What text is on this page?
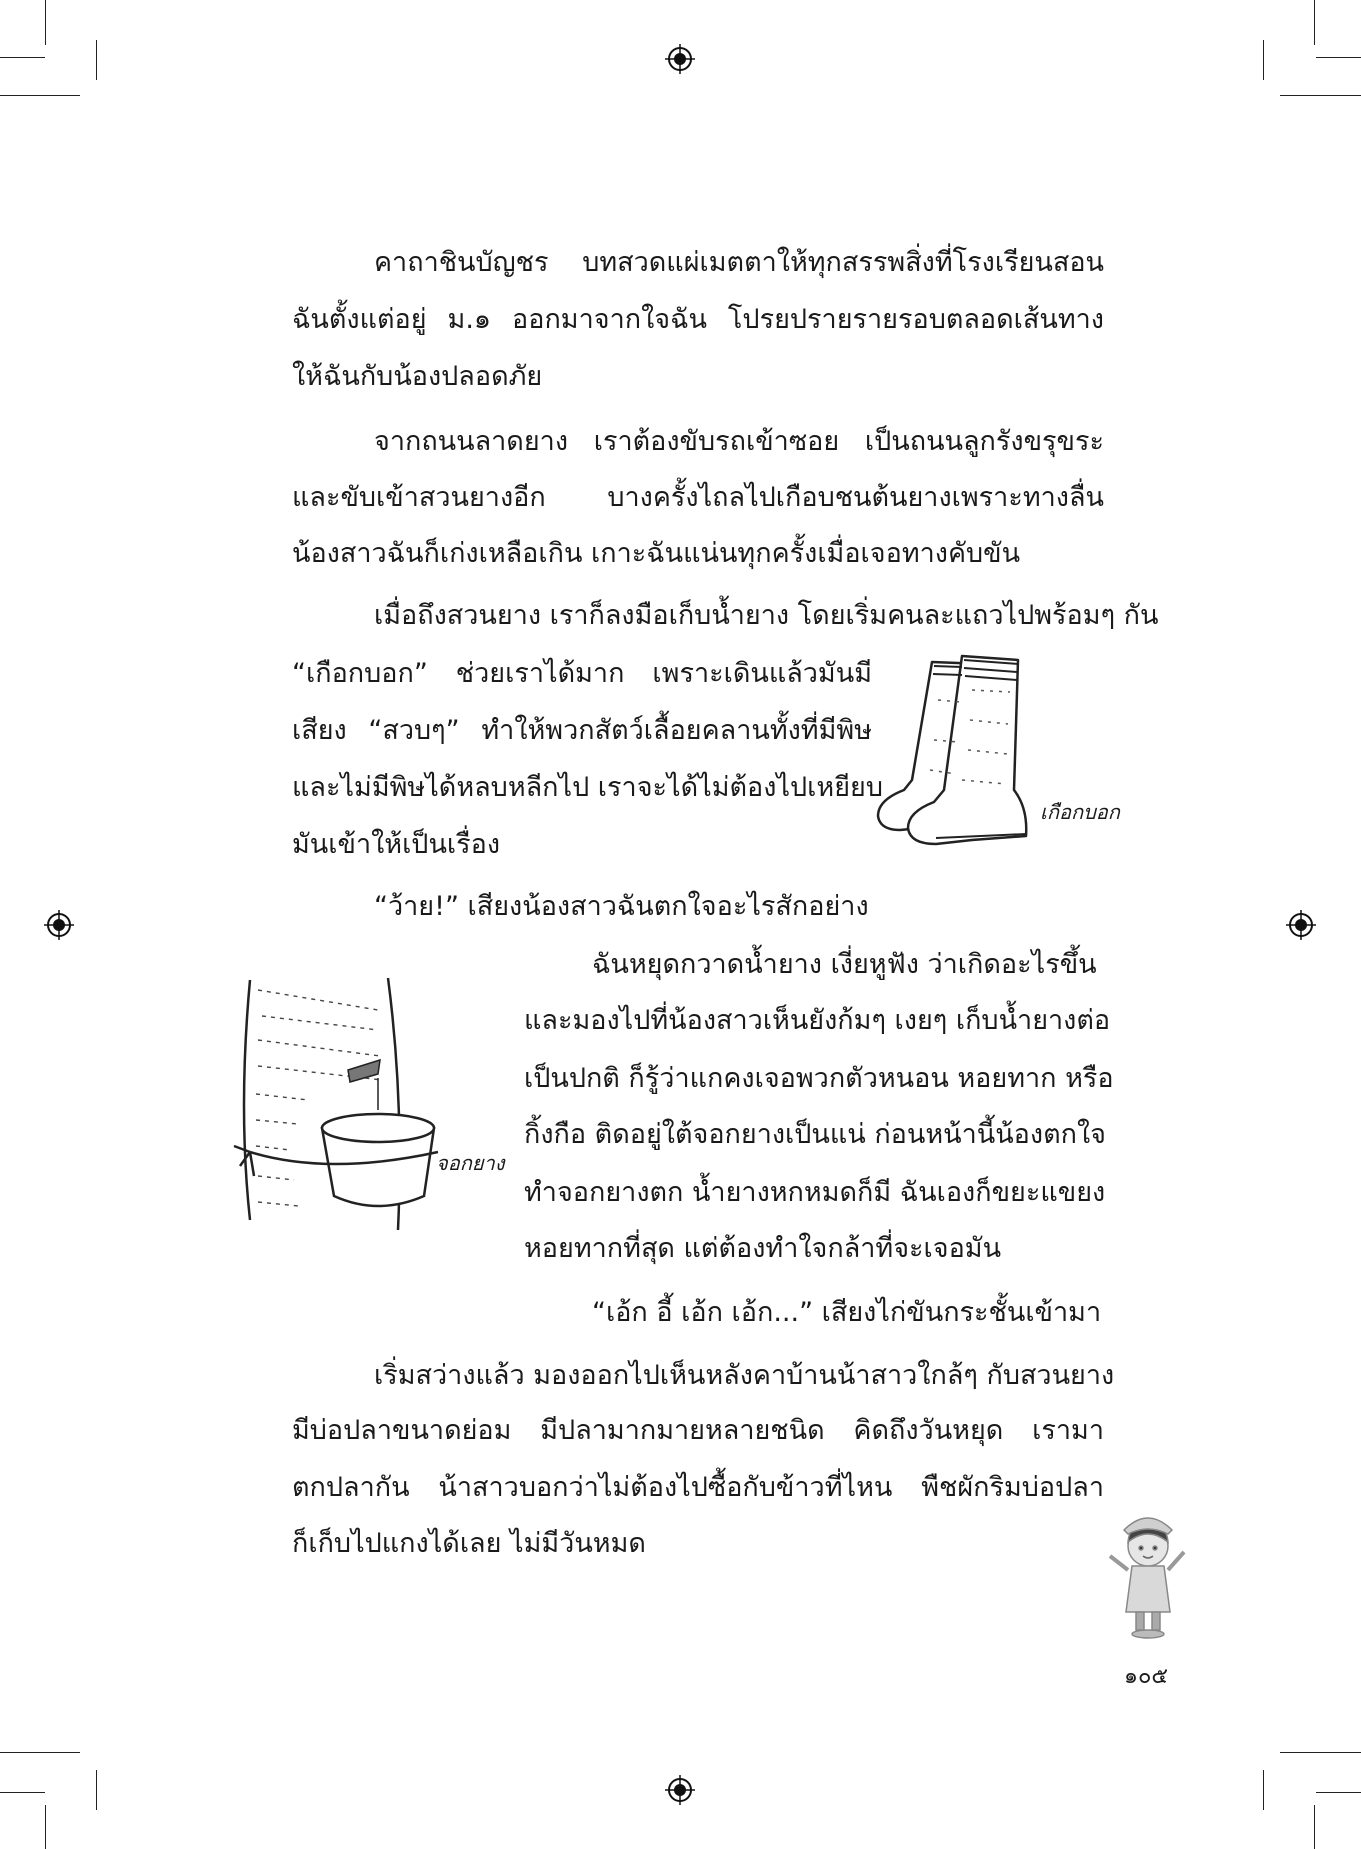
คาถาชินบัญชร บทสวดแผ่เมตตาให้ทุกสรรพสิ่งที่โรงเรียนสอน
ฉันตั้งแต่อยู่ ม.๑ ออกมาจากใจฉัน โปรยปรายรายรอบตลอดเส้นทาง
ให้ฉันกับน้องปลอดภัย
จากถนนลาดยาง เราต้องขับรถเข้าซอย เป็นถนนลูกรังขรุขระ
และขับเข้าสวนยางอีก บางครั้งไถลไปเกือบชนต้นยางเพราะทางลื่น
น้องสาวฉันก็เก่งเหลือเกิน เกาะฉันแน่นทุกครั้งเมื่อเจอทางคับขัน
เมื่อถึงสวนยาง เราก็ลงมือเก็บน้ำยาง โดยเริ่มคนละแถวไปพร้อมๆ กัน
“เกือกบอก” ช่วยเราได้มาก เพราะเดินแล้วมันมี
เสียง “สวบๆ” ทำให้พวกสัตว์เลื้อยคลานทั้งที่มีพิษ
และไม่มีพิษได้หลบหลีกไป เราจะได้ไม่ต้องไปเหยียบ
มันเข้าให้เป็นเรื่อง
เกือกบอก
“ว้าย!” เสียงน้องสาวฉันตกใจอะไรสักอย่าง
ฉันหยุดกวาดน้ำยาง เงี่ยหูฟัง ว่าเกิดอะไรขึ้น
และมองไปที่น้องสาวเห็นยังก้มๆ เงยๆ เก็บน้ำยางต่อ
เป็นปกติ ก็รู้ว่าแกคงเจอพวกตัวหนอน หอยทาก หรือ
กิ้งกือ ติดอยู่ใต้จอกยางเป็นแน่ ก่อนหน้านี้น้องตกใจ
ทำจอกยางตก น้ำยางหกหมดก็มี ฉันเองก็ขยะแขยง
หอยทากที่สุด แต่ต้องทำใจกล้าที่จะเจอมัน
จอกยาง
“เอ้ก อี้ เอ้ก เอ้ก...” เสียงไก่ขันกระชั้นเข้ามา
เริ่มสว่างแล้ว มองออกไปเห็นหลังคาบ้านน้าสาวใกล้ๆ กับสวนยาง
มีบ่อปลาขนาดย่อม มีปลามากมายหลายชนิด คิดถึงวันหยุด เรามา
ตกปลากัน น้าสาวบอกว่าไม่ต้องไปซื้อกับข้าวที่ไหน พืชผักริมบ่อปลา
ก็เก็บไปแกงได้เลย ไม่มีวันหมด
๑๐๕
